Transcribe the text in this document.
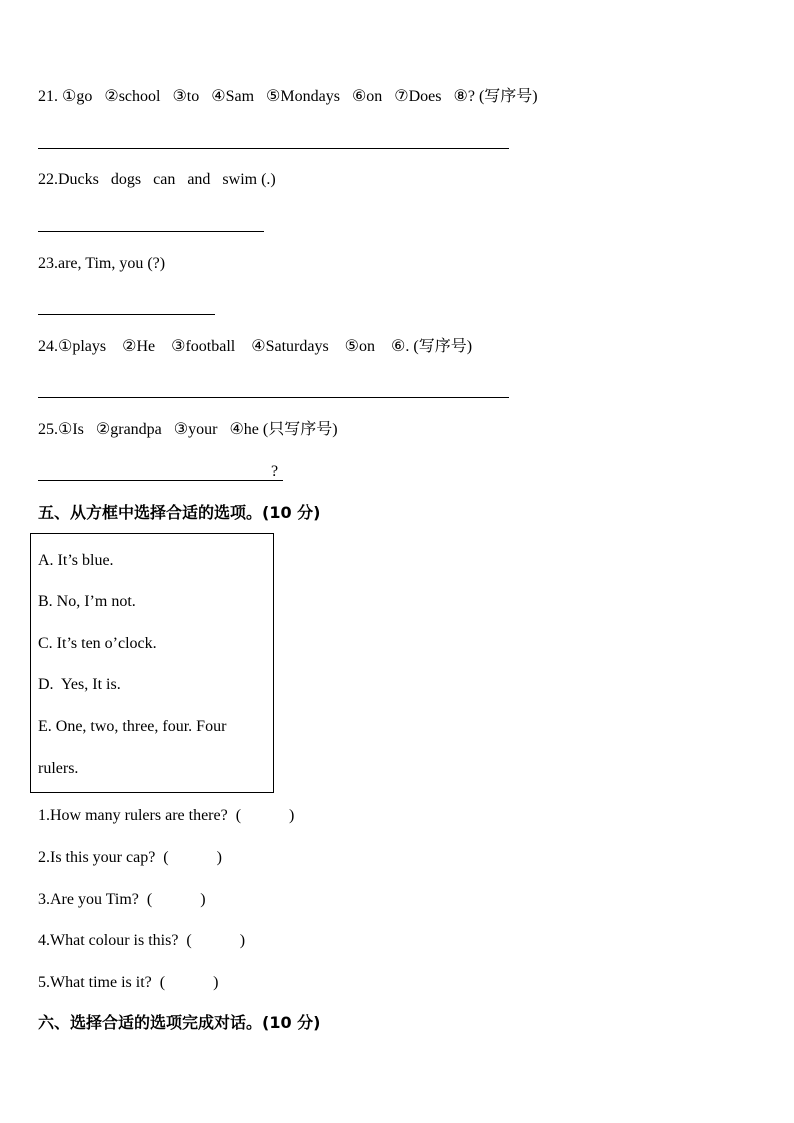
21. ①go   ②school   ③to   ④Sam   ⑤Mondays   ⑥on   ⑦Does   ⑧? (写序号)
22.Ducks   dogs   can   and   swim (.)
23.are, Tim, you (?)
24.①plays    ②He    ③football    ④Saturdays    ⑤on    ⑥. (写序号)
25.①Is   ②grandpa   ③your   ④he (只写序号)
?
五、从方框中选择合适的选项。(10 分)
A. It’s blue.
B. No, I’m not.
C. It’s ten o’clock.
D.  Yes, It is.
E. One, two, three, four. Four
rulers.
1.How many rulers are there?  (            )
2.Is this your cap?  (            )
3.Are you Tim?  (            )
4.What colour is this?  (            )
5.What time is it?  (            )
六、选择合适的选项完成对话。(10 分)
